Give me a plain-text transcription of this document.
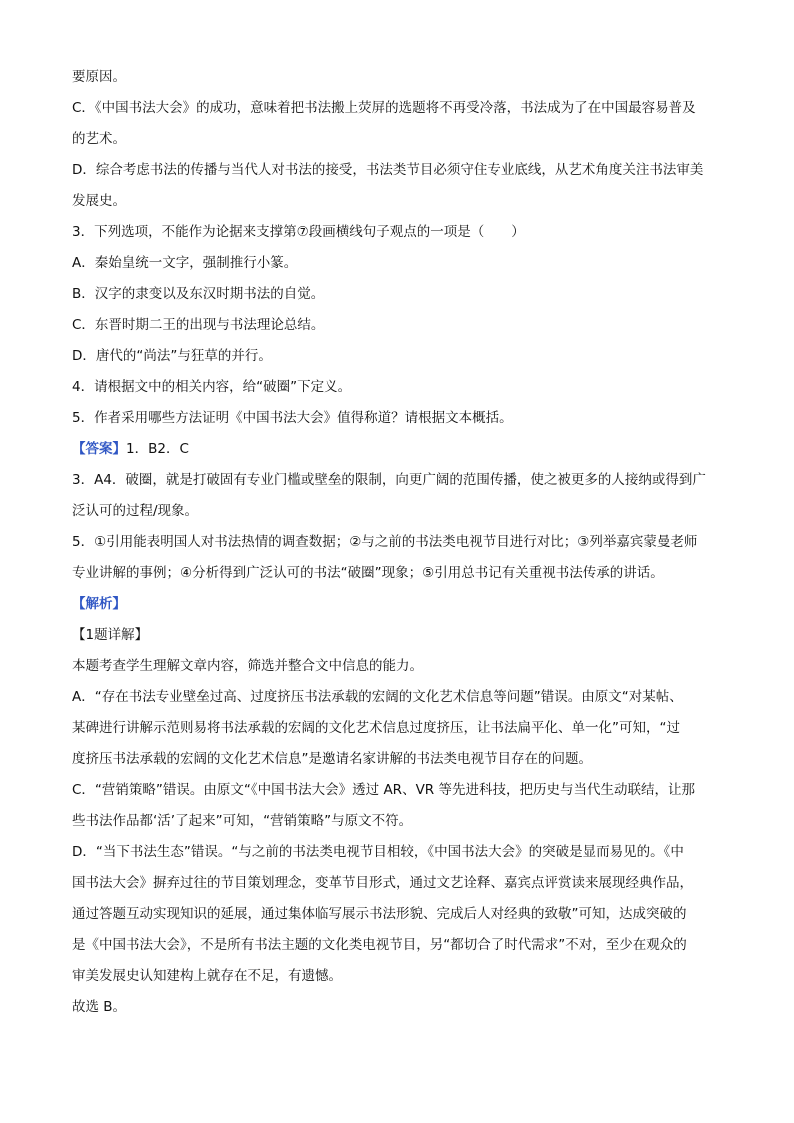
要原因。
C．《中国书法大会》的成功，意味着把书法搬上荧屏的选题将不再受冷落，书法成为了在中国最容易普及
的艺术。
D．综合考虑书法的传播与当代人对书法的接受，书法类节目必须守住专业底线，从艺术角度关注书法审美
发展史。
3．下列选项，不能作为论据来支撑第⑦段画横线句子观点的一项是（　　）
A．秦始皇统一文字，强制推行小篆。
B．汉字的隶变以及东汉时期书法的自觉。
C．东晋时期二王的出现与书法理论总结。
D．唐代的“尚法”与狂草的并行。
4．请根据文中的相关内容，给“破圈”下定义。
5．作者采用哪些方法证明《中国书法大会》值得称道？请根据文本概括。
【答案】1．B2．C
3．A4．破圈，就是打破固有专业门槛或壁垒的限制，向更广阔的范围传播，使之被更多的人接纳或得到广
泛认可的过程/现象。
5．①引用能表明国人对书法热情的调查数据；②与之前的书法类电视节目进行对比；③列举嘉宾蒙曼老师
专业讲解的事例；④分析得到广泛认可的书法“破圈”现象；⑤引用总书记有关重视书法传承的讲话。
【解析】
【1题详解】
本题考查学生理解文章内容，筛选并整合文中信息的能力。
A．“存在书法专业壁垒过高、过度挤压书法承载的宏阔的文化艺术信息等问题”错误。由原文“对某帖、
某碑进行讲解示范则易将书法承载的宏阔的文化艺术信息过度挤压，让书法扁平化、单一化”可知，“过
度挤压书法承载的宏阔的文化艺术信息”是邀请名家讲解的书法类电视节目存在的问题。
C．“营销策略”错误。由原文“《中国书法大会》透过 AR、VR 等先进科技，把历史与当代生动联结，让那
些书法作品都‘活’了起来”可知，“营销策略”与原文不符。
D．“当下书法生态”错误。“与之前的书法类电视节目相较，《中国书法大会》的突破是显而易见的。《中
国书法大会》摒弃过往的节目策划理念，变革节目形式，通过文艺诠释、嘉宾点评赏读来展现经典作品，
通过答题互动实现知识的延展，通过集体临写展示书法形貌、完成后人对经典的致敬”可知，达成突破的
是《中国书法大会》，不是所有书法主题的文化类电视节目，另“都切合了时代需求”不对，至少在观众的
审美发展史认知建构上就存在不足，有遗憾。
故选 B。
